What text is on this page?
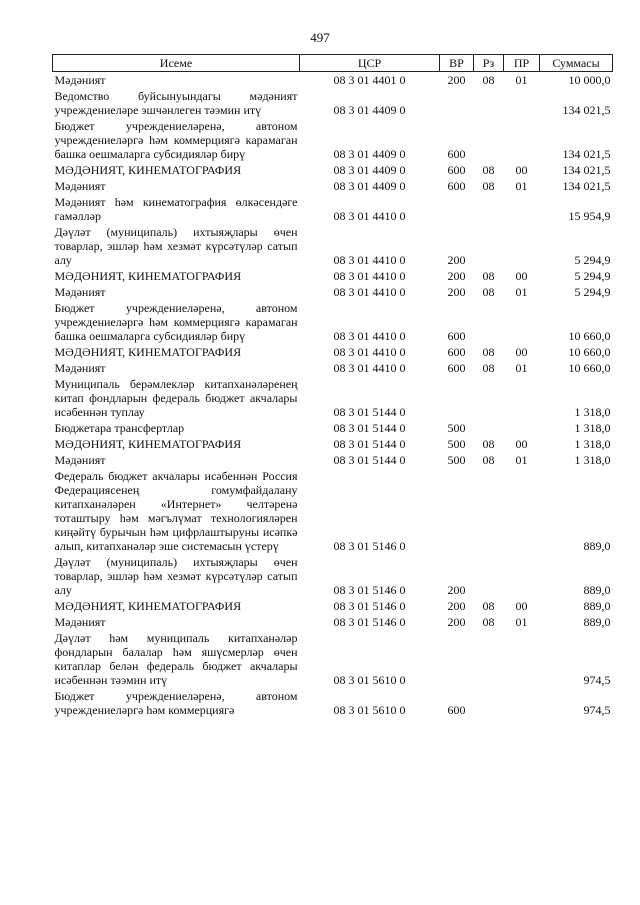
497
Исеме	ЦСР	ВР	Рз	ПР	Суммасы
Мәдәният	08 3 01 4401 0	200	08	01	10 000,0
Ведомство буйсынуындагы мәдәният учреждениеләре эшчәнлеген тәэмин итү	08 3 01 4409 0				134 021,5
Бюджет учреждениеләренә, автоном учреждениеләргә һәм коммерциягә карамаган башка оешмаларга субсидияләр бирү	08 3 01 4409 0	600			134 021,5
МӘДӘНИЯТ, КИНЕМАТОГРАФИЯ	08 3 01 4409 0	600	08	00	134 021,5
Мәдәният	08 3 01 4409 0	600	08	01	134 021,5
Мәдәният һәм кинематография өлкәсендәге гамәлләр	08 3 01 4410 0				15 954,9
Дәүләт (муниципаль) ихтыяҗлары өчен товарлар, эшләр һәм хезмәт күрсәтүләр сатып алу	08 3 01 4410 0	200			5 294,9
МӘДӘНИЯТ, КИНЕМАТОГРАФИЯ	08 3 01 4410 0	200	08	00	5 294,9
Мәдәният	08 3 01 4410 0	200	08	01	5 294,9
Бюджет учреждениеләренә, автоном учреждениеләргә һәм коммерциягә карамаган башка оешмаларга субсидияләр бирү	08 3 01 4410 0	600			10 660,0
МӘДӘНИЯТ, КИНЕМАТОГРАФИЯ	08 3 01 4410 0	600	08	00	10 660,0
Мәдәният	08 3 01 4410 0	600	08	01	10 660,0
Муниципаль берәмлекләр китапханәләренең китап фондларын федераль бюджет акчалары исәбеннән туплау	08 3 01 5144 0				1 318,0
Бюджетара трансфертлар	08 3 01 5144 0	500			1 318,0
МӘДӘНИЯТ, КИНЕМАТОГРАФИЯ	08 3 01 5144 0	500	08	00	1 318,0
Мәдәният	08 3 01 5144 0	500	08	01	1 318,0
Федераль бюджет акчалары исәбеннән Россия Федерациясенең гомумфайдалану китапханәләрен «Интернет» челтәренә тоташтыру һәм мәгълүмат технологияләрен киңәйтү бурычын һәм цифрлаштыруны исәпкә алып, китапханәләр эше системасын үстерү	08 3 01 5146 0				889,0
Дәүләт (муниципаль) ихтыяҗлары өчен товарлар, эшләр һәм хезмәт күрсәтүләр сатып алу	08 3 01 5146 0	200			889,0
МӘДӘНИЯТ, КИНЕМАТОГРАФИЯ	08 3 01 5146 0	200	08	00	889,0
Мәдәният	08 3 01 5146 0	200	08	01	889,0
Дәүләт һәм муниципаль китапханәләр фондларын балалар һәм яшүсмерләр өчен китаплар белән федераль бюджет акчалары исәбеннән тәэмин итү	08 3 01 5610 0				974,5
Бюджет учреждениеләренә, автоном учреждениеләргә һәм коммерциягә	08 3 01 5610 0	600			974,5
